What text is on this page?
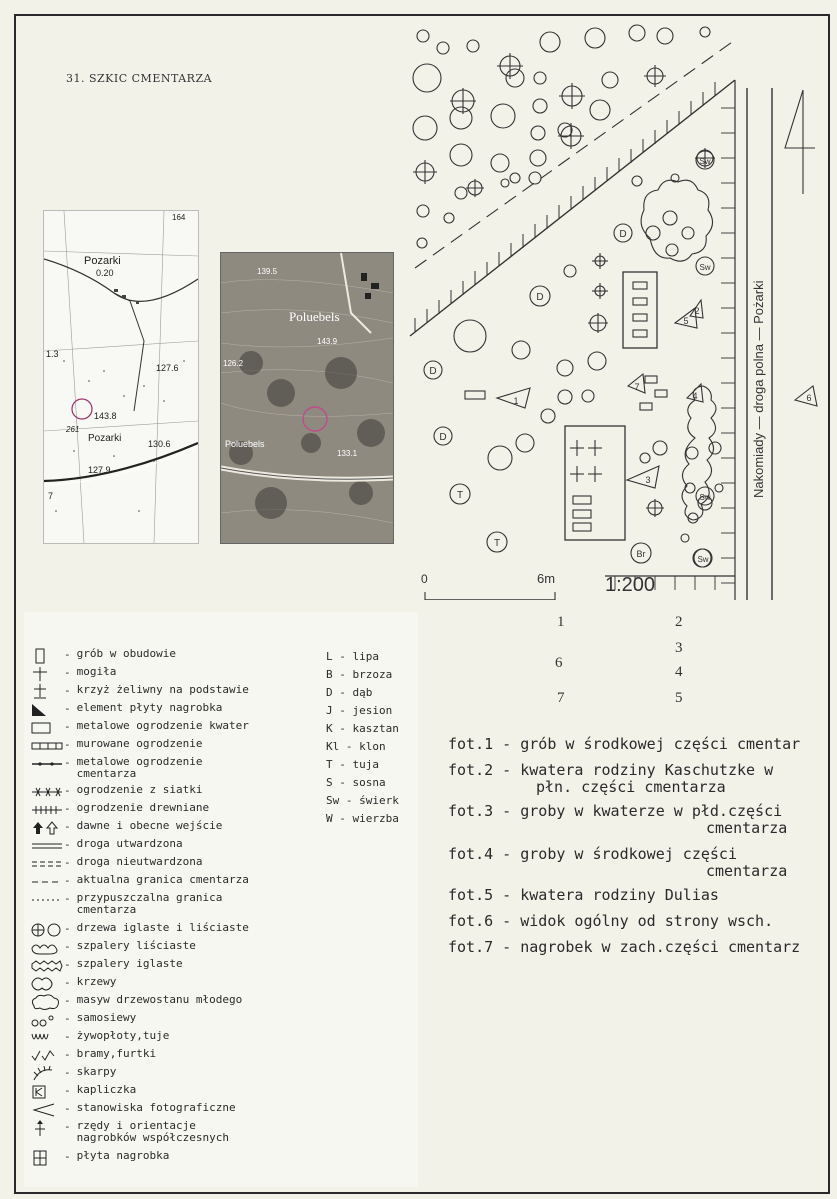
31. SZKIC CMENTARZA
Pozarki
0.20
127.6
143.8
130.6
127.9
1.3
Pozarki
261
7
164
Poluebels
Poluebels
139.5
143.9
126.2
133.1
D
D
D
D
T
T
Sw
Sw
Sw
Sw
Br
1
2
3
4
5
6
7	Nakomiady — droga polna — Pożarki
0	6m 1:200
- grób w obudowie
- mogiła
- krzyż żeliwny na podstawie
- element płyty nagrobka
- metalowe ogrodzenie kwater
- murowane ogrodzenie
- metalowe ogrodzenie
cmentarza
- ogrodzenie z siatki
- ogrodzenie drewniane
- dawne i obecne wejście
- droga utwardzona
- droga nieutwardzona
- aktualna granica cmentarza
- przypuszczalna granica
cmentarza
- drzewa iglaste i liściaste
- szpalery liściaste
- szpalery iglaste
- krzewy
- masyw drzewostanu młodego
- samosiewy
- żywopłoty,tuje
- bramy,furtki
- skarpy
- kapliczka
- stanowiska fotograficzne
- rzędy i orientacje
nagrobków współczesnych
- płyta nagrobka
L - lipa
B - brzoza
D - dąb
J - jesion
K - kasztan
Kl - klon
T - tuja
S - sosna
Sw - świerk
W - wierzba
1
6
7
2
3
4
5
fot.1 - grób w środkowej części cmentar
fot.2 - kwatera rodziny Kaschutzke w
płn. części cmentarza
fot.3 - groby w kwaterze w płd.części
cmentarza
fot.4 - groby w środkowej części
cmentarza
fot.5 - kwatera rodziny Dulias
fot.6 - widok ogólny od strony wsch.
fot.7 - nagrobek w zach.części cmentarz
